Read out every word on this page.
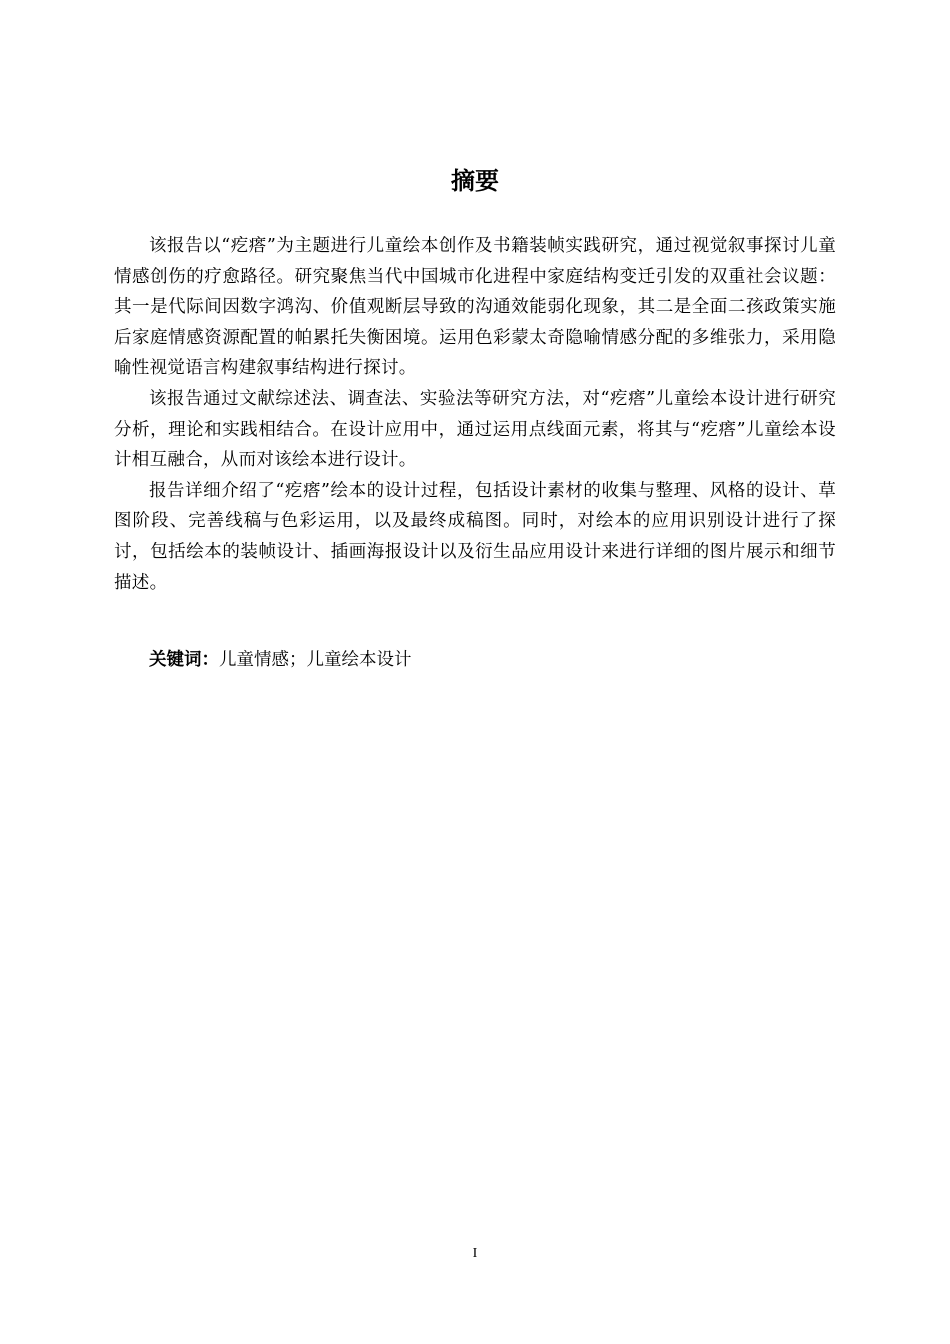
摘要

该报告以“疙瘩”为主题进行儿童绘本创作及书籍装帧实践研究，通过视觉叙事探讨儿童情感创伤的疗愈路径。研究聚焦当代中国城市化进程中家庭结构变迁引发的双重社会议题：其一是代际间因数字鸿沟、价值观断层导致的沟通效能弱化现象，其二是全面二孩政策实施后家庭情感资源配置的帕累托失衡困境。运用色彩蒙太奇隐喻情感分配的多维张力，采用隐喻性视觉语言构建叙事结构进行探讨。

该报告通过文献综述法、调查法、实验法等研究方法，对“疙瘩”儿童绘本设计进行研究分析，理论和实践相结合。在设计应用中，通过运用点线面元素，将其与“疙瘩”儿童绘本设计相互融合，从而对该绘本进行设计。

报告详细介绍了“疙瘩”绘本的设计过程，包括设计素材的收集与整理、风格的设计、草图阶段、完善线稿与色彩运用，以及最终成稿图。同时，对绘本的应用识别设计进行了探讨，包括绘本的装帧设计、插画海报设计以及衍生品应用设计来进行详细的图片展示和细节描述。

关键词：儿童情感；儿童绘本设计

I
